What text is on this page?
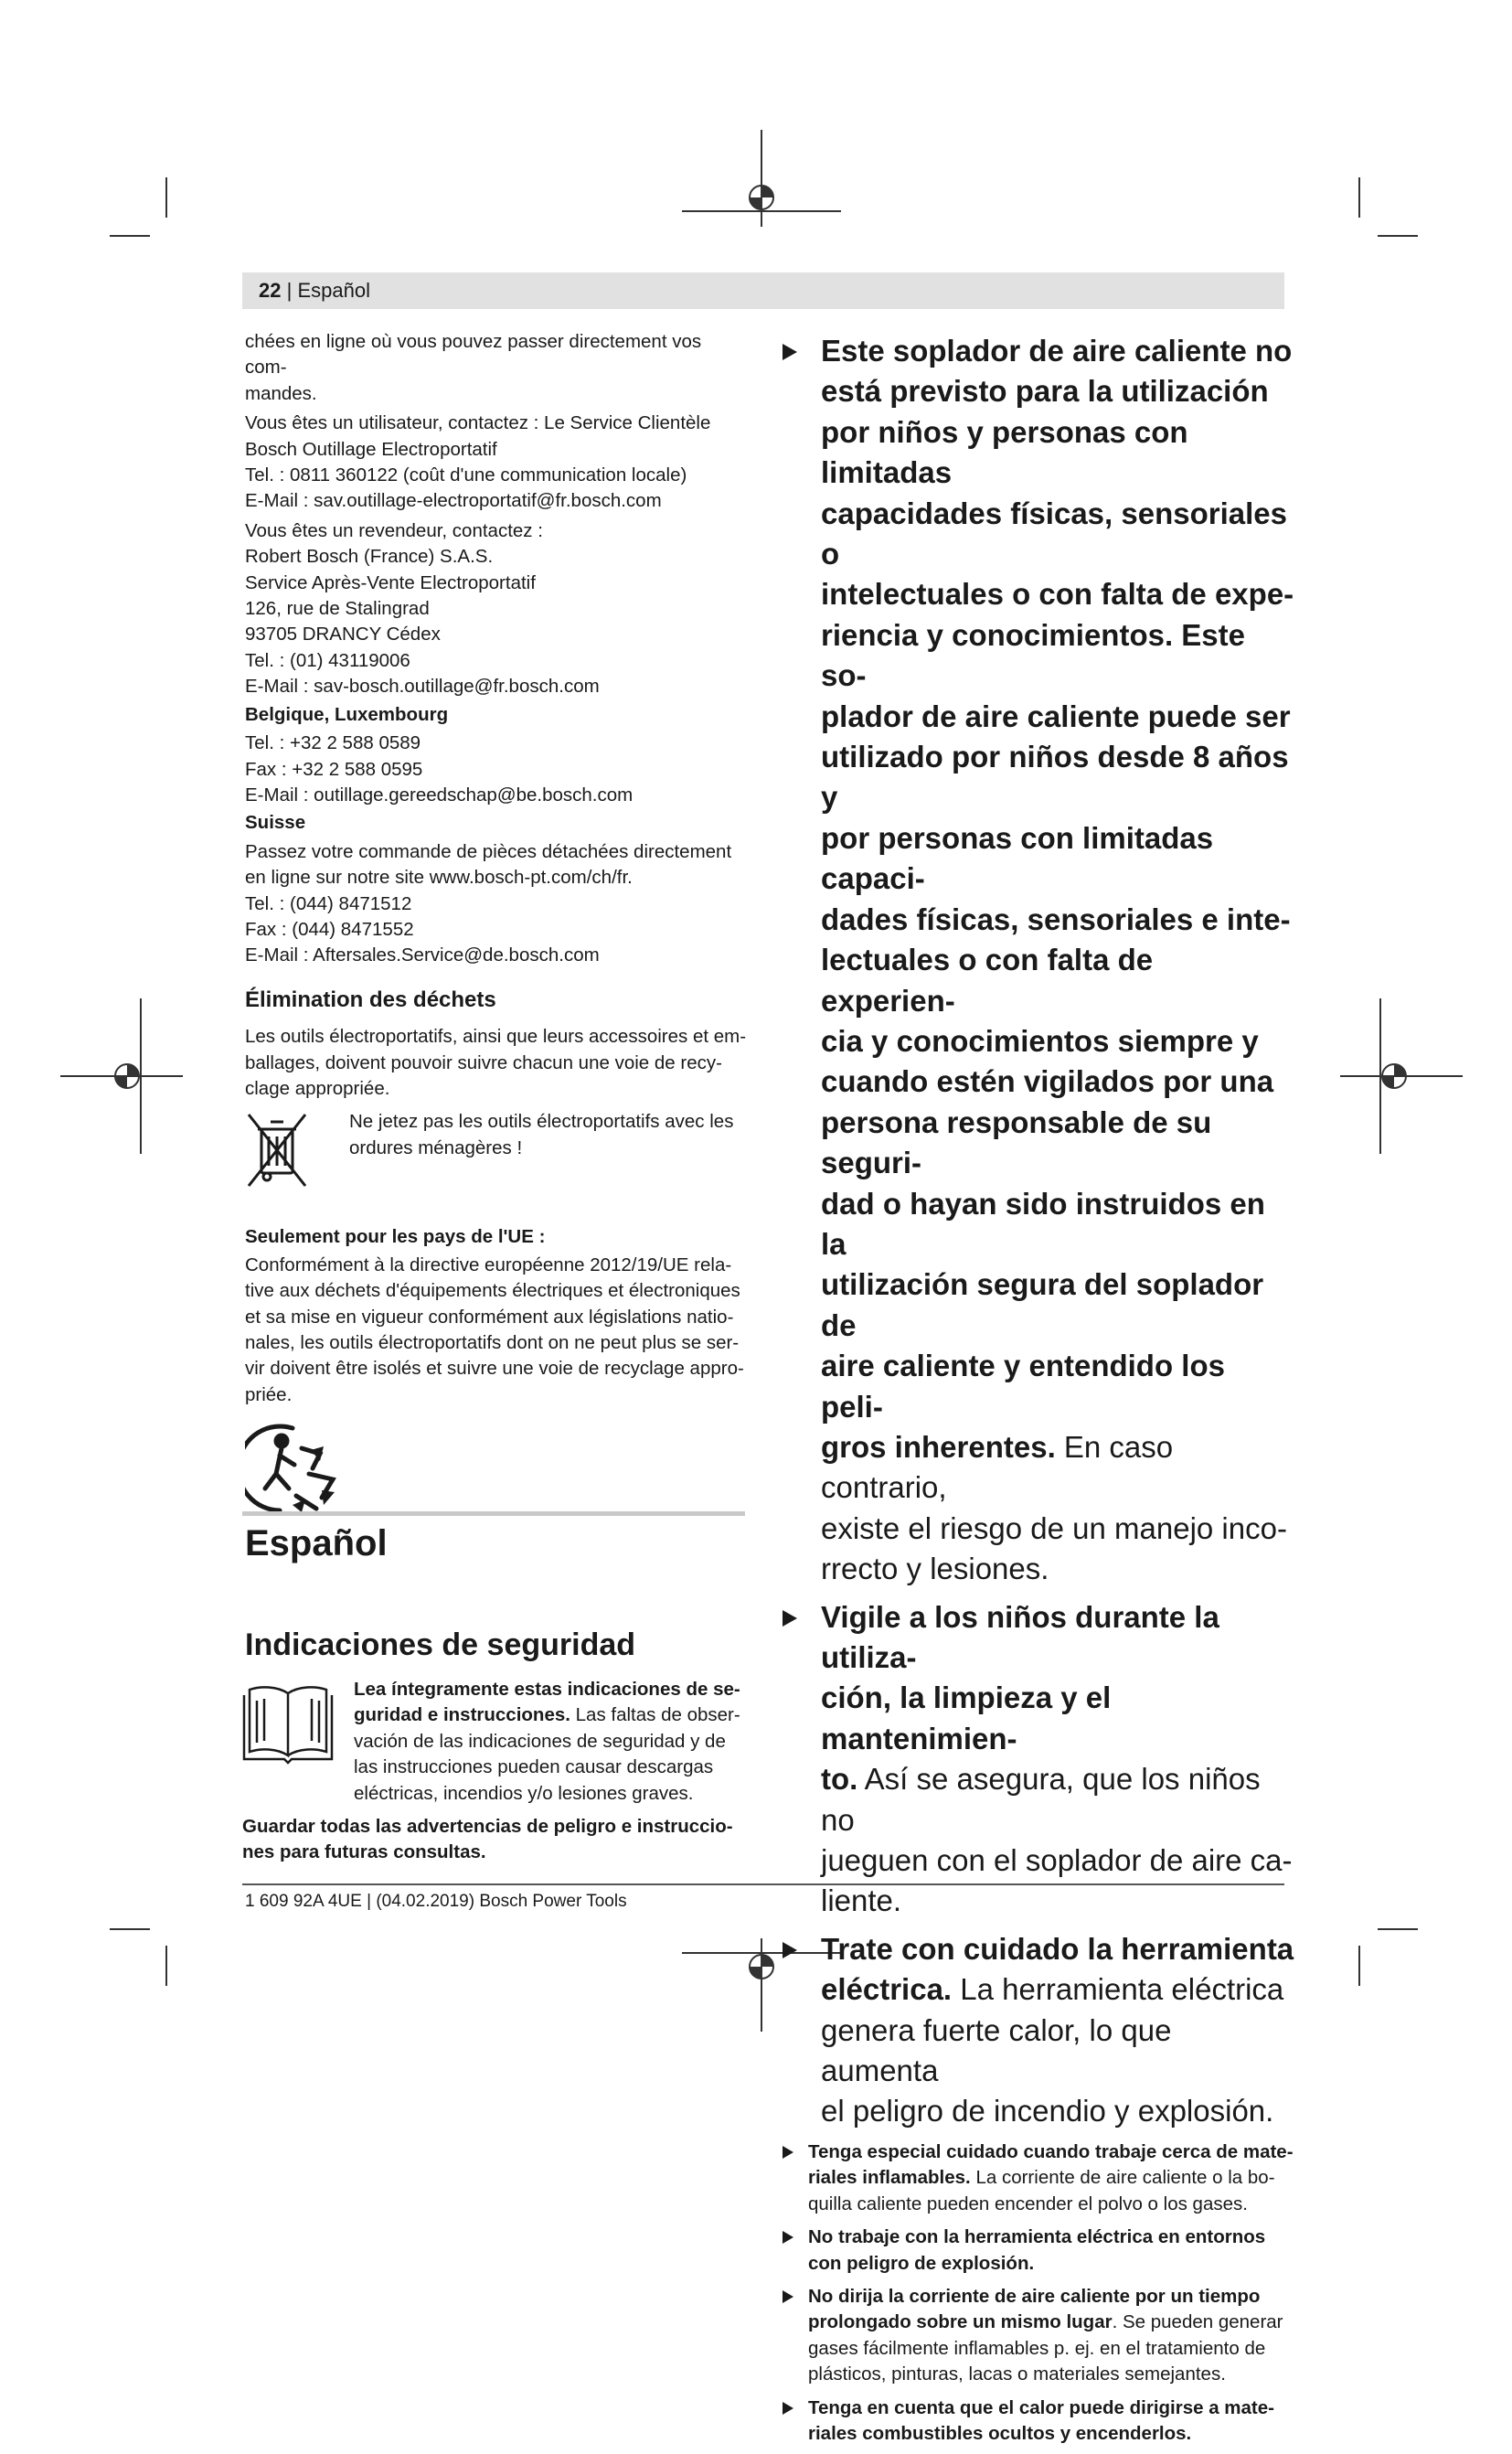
22 | Español

chées en ligne où vous pouvez passer directement vos com-

mandes.

Vous êtes un utilisateur, contactez : Le Service Clientèle

Bosch Outillage Electroportatif

Tel. : 0811 360122 (coût d'une communication locale)

E-Mail : sav.outillage-electroportatif@fr.bosch.com

Vous êtes un revendeur, contactez :

Robert Bosch (France) S.A.S.

Service Après-Vente Electroportatif

126, rue de Stalingrad

93705 DRANCY Cédex

Tel. : (01) 43119006

E-Mail : sav-bosch.outillage@fr.bosch.com

Belgique, Luxembourg

Tel. : +32 2 588 0589

Fax : +32 2 588 0595

E-Mail : outillage.gereedschap@be.bosch.com

Suisse

Passez votre commande de pièces détachées directement

en ligne sur notre site www.bosch-pt.com/ch/fr.

Tel. : (044) 8471512

Fax : (044) 8471552

E-Mail : Aftersales.Service@de.bosch.com

Élimination des déchets

Les outils électroportatifs, ainsi que leurs accessoires et em-

ballages, doivent pouvoir suivre chacun une voie de recy-

clage appropriée.

Ne jetez pas les outils électroportatifs avec les

ordures ménagères !

Seulement pour les pays de l'UE :

Conformément à la directive européenne 2012/19/UE rela-

tive aux déchets d'équipements électriques et électroniques

et sa mise en vigueur conformément aux législations natio-

nales, les outils électroportatifs dont on ne peut plus se ser-

vir doivent être isolés et suivre une voie de recyclage appro-

priée.

Español
Indicaciones de seguridad

Lea íntegramente estas indicaciones de se-

guridad e instrucciones. Las faltas de obser-

vación de las indicaciones de seguridad y de

las instrucciones pueden causar descargas

eléctricas, incendios y/o lesiones graves.

Guardar todas las advertencias de peligro e instruccio-

nes para futuras consultas.

Este soplador de aire caliente no
está previsto para la utilización
por niños y personas con limitadas
capacidades físicas, sensoriales o
intelectuales o con falta de expe-
riencia y conocimientos. Este so-
plador de aire caliente puede ser
utilizado por niños desde 8 años y
por personas con limitadas capaci-
dades físicas, sensoriales e inte-
lectuales o con falta de experien-
cia y conocimientos siempre y
cuando estén vigilados por una
persona responsable de su seguri-
dad o hayan sido instruidos en la
utilización segura del soplador de
aire caliente y entendido los peli-
gros inherentes. En caso contrario,
existe el riesgo de un manejo inco-
rrecto y lesiones.
Vigile a los niños durante la utiliza-
ción, la limpieza y el mantenimien-
to. Así se asegura, que los niños no
jueguen con el soplador de aire ca-
liente.
Trate con cuidado la herramienta
eléctrica. La herramienta eléctrica
genera fuerte calor, lo que aumenta
el peligro de incendio y explosión.
Tenga especial cuidado cuando trabaje cerca de mate-
riales inflamables. La corriente de aire caliente o la bo-
quilla caliente pueden encender el polvo o los gases.
No trabaje con la herramienta eléctrica en entornos
con peligro de explosión.
No dirija la corriente de aire caliente por un tiempo
prolongado sobre un mismo lugar. Se pueden generar
gases fácilmente inflamables p. ej. en el tratamiento de
plásticos, pinturas, lacas o materiales semejantes.
Tenga en cuenta que el calor puede dirigirse a mate-
riales combustibles ocultos y encenderlos.
1 609 92A 4UE | (04.02.2019) Bosch Power Tools
